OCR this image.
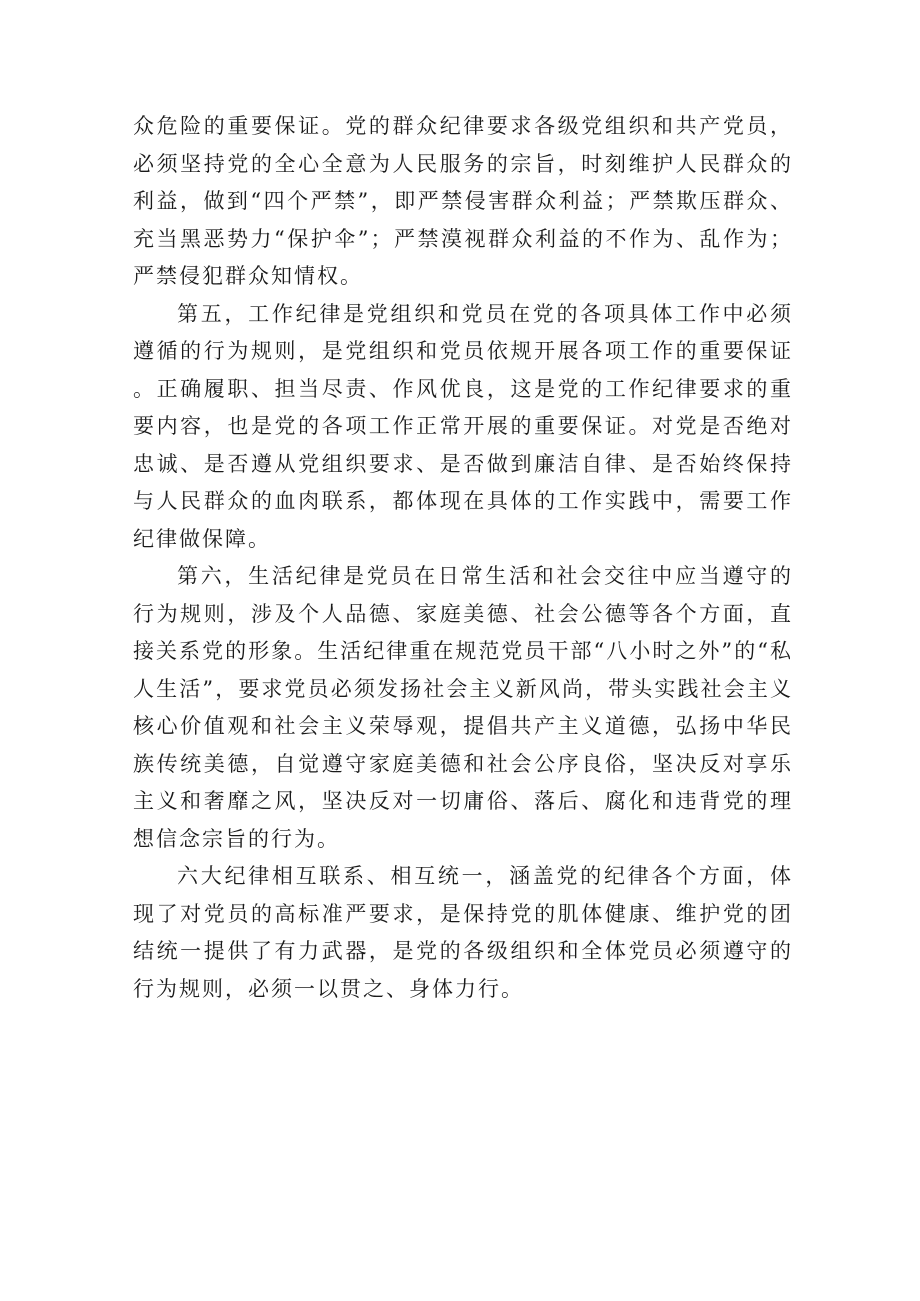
众危险的重要保证。党的群众纪律要求各级党组织和共产党员，必须坚持党的全心全意为人民服务的宗旨，时刻维护人民群众的利益，做到“四个严禁”，即严禁侵害群众利益；严禁欺压群众、充当黑恶势力“保护伞”；严禁漠视群众利益的不作为、乱作为；严禁侵犯群众知情权。

第五，工作纪律是党组织和党员在党的各项具体工作中必须遵循的行为规则，是党组织和党员依规开展各项工作的重要保证。正确履职、担当尽责、作风优良，这是党的工作纪律要求的重要内容，也是党的各项工作正常开展的重要保证。对党是否绝对忠诚、是否遵从党组织要求、是否做到廉洁自律、是否始终保持与人民群众的血肉联系，都体现在具体的工作实践中，需要工作纪律做保障。

第六，生活纪律是党员在日常生活和社会交往中应当遵守的行为规则，涉及个人品德、家庭美德、社会公德等各个方面，直接关系党的形象。生活纪律重在规范党员干部“八小时之外”的“私人生活”，要求党员必须发扬社会主义新风尚，带头实践社会主义核心价值观和社会主义荣辱观，提倡共产主义道德，弘扬中华民族传统美德，自觉遵守家庭美德和社会公序良俗，坚决反对享乐主义和奢靡之风，坚决反对一切庸俗、落后、腐化和违背党的理想信念宗旨的行为。

六大纪律相互联系、相互统一，涵盖党的纪律各个方面，体现了对党员的高标准严要求，是保持党的肌体健康、维护党的团结统一提供了有力武器，是党的各级组织和全体党员必须遵守的行为规则，必须一以贯之、身体力行。
